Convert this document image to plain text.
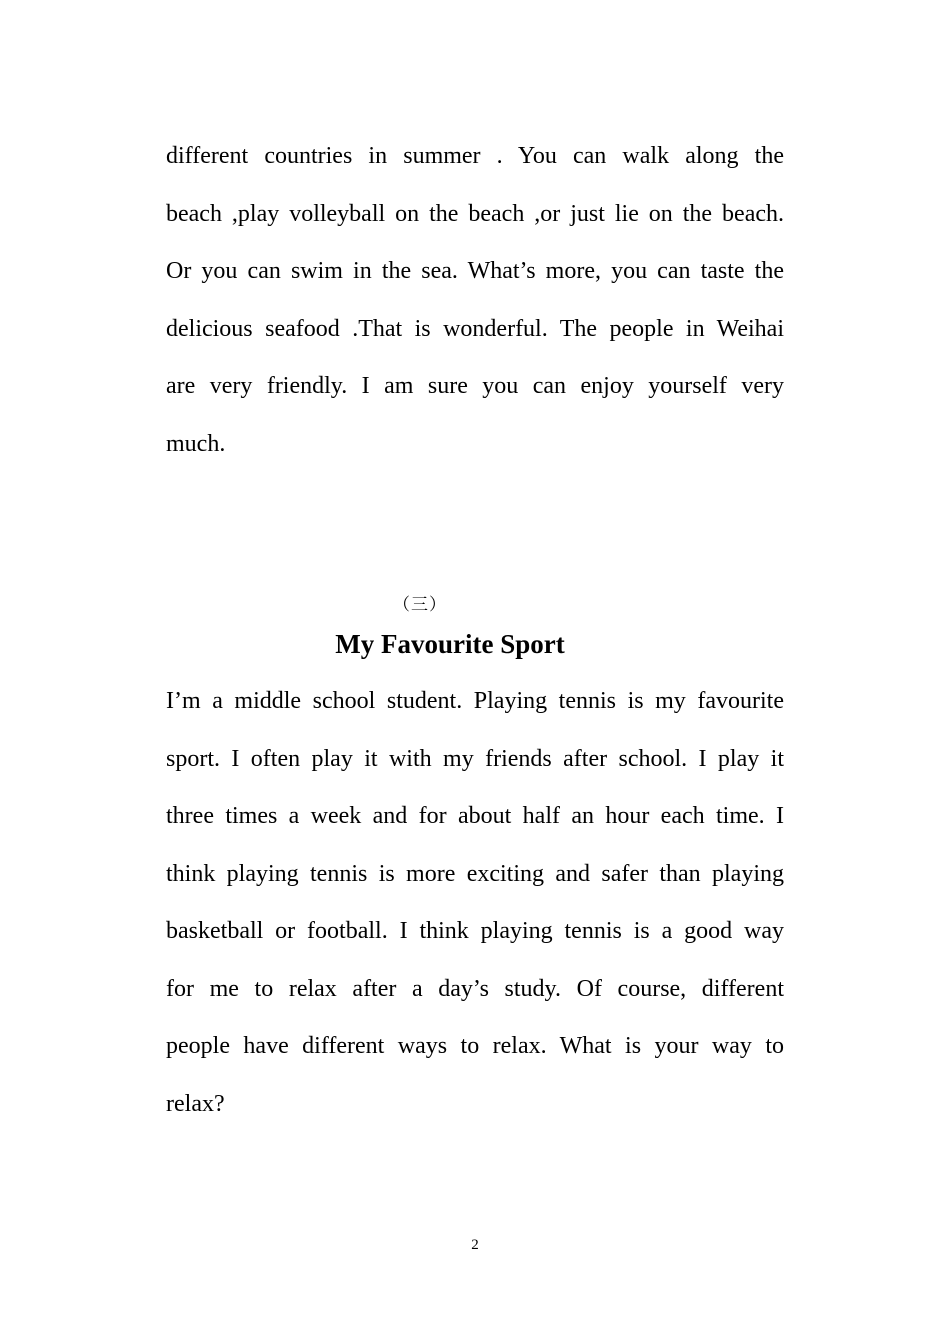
different countries in summer . You can walk along the
beach ,play volleyball on the beach ,or just lie on the beach.
Or you can swim in the sea. What’s more, you can taste the
delicious seafood .That is wonderful. The people in Weihai
are very friendly. I am sure you can enjoy yourself very
much.
（三）
My Favourite Sport
I’m a middle school student. Playing tennis is my favourite
sport. I often play it with my friends after school. I play it
three times a week and for about half an hour each time. I
think playing tennis is more exciting and safer than playing
basketball or football. I think playing tennis is a good way
for me to relax after a day’s study. Of course, different
people have different ways to relax. What is your way to
relax?
2
